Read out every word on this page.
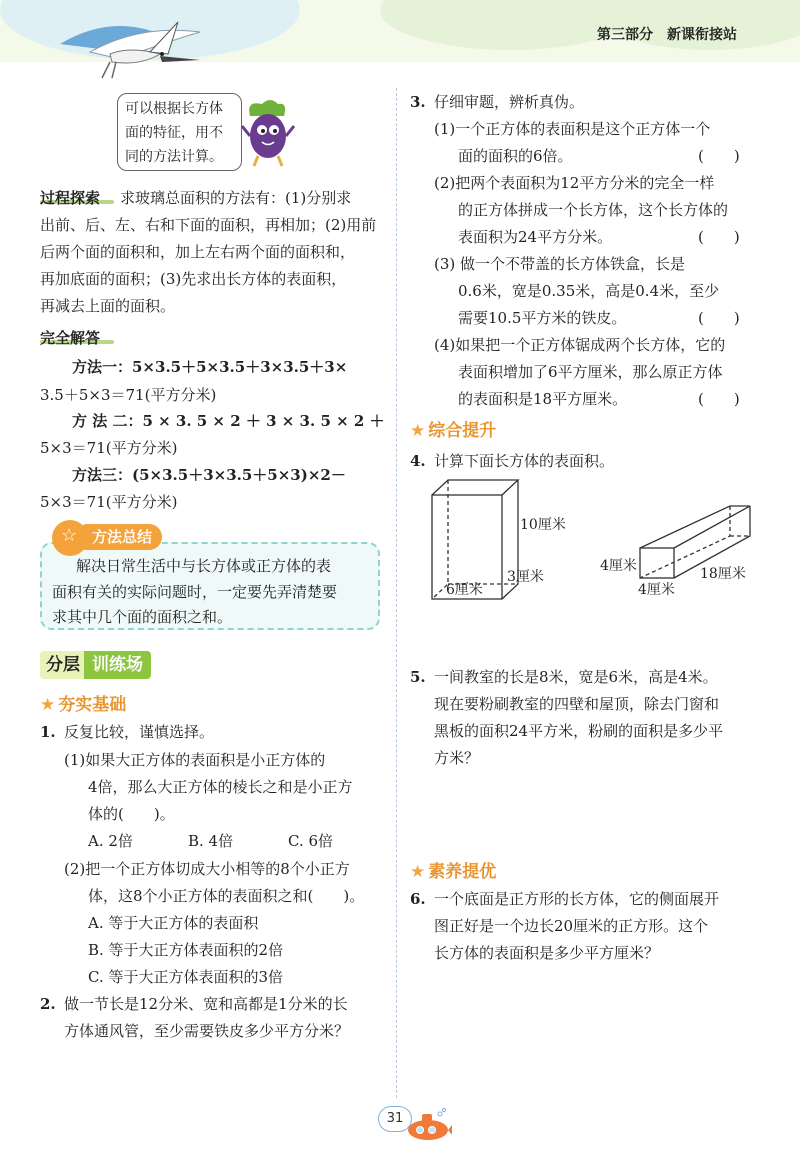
第三部分 新课衔接站
可以根据长方体
面的特征，用不
同的方法计算。
过程探索 求玻璃总面积的方法有：(1)分别求
出前、后、左、右和下面的面积，再相加；(2)用前
后两个面的面积和，加上左右两个面的面积和，
再加底面的面积；(3)先求出长方体的表面积，
再减去上面的面积。
完全解答
方法一：5×3.5＋5×3.5＋3×3.5＋3×
3.5＋5×3＝71(平方分米)
方 法 二：5 × 3. 5 × 2 ＋ 3 × 3. 5 × 2 ＋
5×3＝71(平方分米)
方法三：(5×3.5＋3×3.5＋5×3)×2－
5×3＝71(平方分米)
解决日常生活中与长方体或正方体的表
面积有关的实际问题时，一定要先弄清楚要
求其中几个面的面积之和。
☆ 方法总结
分层 训练场
★ 夯实基础
1. 反复比较，谨慎选择。
(1)如果大正方体的表面积是小正方体的
4倍，那么大正方体的棱长之和是小正方
体的(　　)。
A. 2倍	B. 4倍	C. 6倍
(2)把一个正方体切成大小相等的8个小正方
体，这8个小正方体的表面积之和(　　)。
A. 等于大正方体的表面积
B. 等于大正方体表面积的2倍
C. 等于大正方体表面积的3倍
2. 做一节长是12分米、宽和高都是1分米的长
方体通风管，至少需要铁皮多少平方分米？
3. 仔细审题，辨析真伪。
(1)一个正方体的表面积是这个正方体一个
面的面积的6倍。	(　　)
(2)把两个表面积为12平方分米的完全一样
的正方体拼成一个长方体，这个长方体的
表面积为24平方分米。	(　　)
(3) 做一个不带盖的长方体铁盒，长是
0.6米，宽是0.35米，高是0.4米，至少
需要10.5平方米的铁皮。	(　　)
(4)如果把一个正方体锯成两个长方体，它的
表面积增加了6平方厘米，那么原正方体
的表面积是18平方厘米。	(　　)
★ 综合提升
4. 计算下面长方体的表面积。
10厘米
6厘米
3厘米
4厘米
4厘米
18厘米
5. 一间教室的长是8米，宽是6米，高是4米。
现在要粉刷教室的四壁和屋顶，除去门窗和
黑板的面积24平方米，粉刷的面积是多少平
方米？
★ 素养提优
6. 一个底面是正方形的长方体，它的侧面展开
图正好是一个边长20厘米的正方形。这个
长方体的表面积是多少平方厘米？
31
